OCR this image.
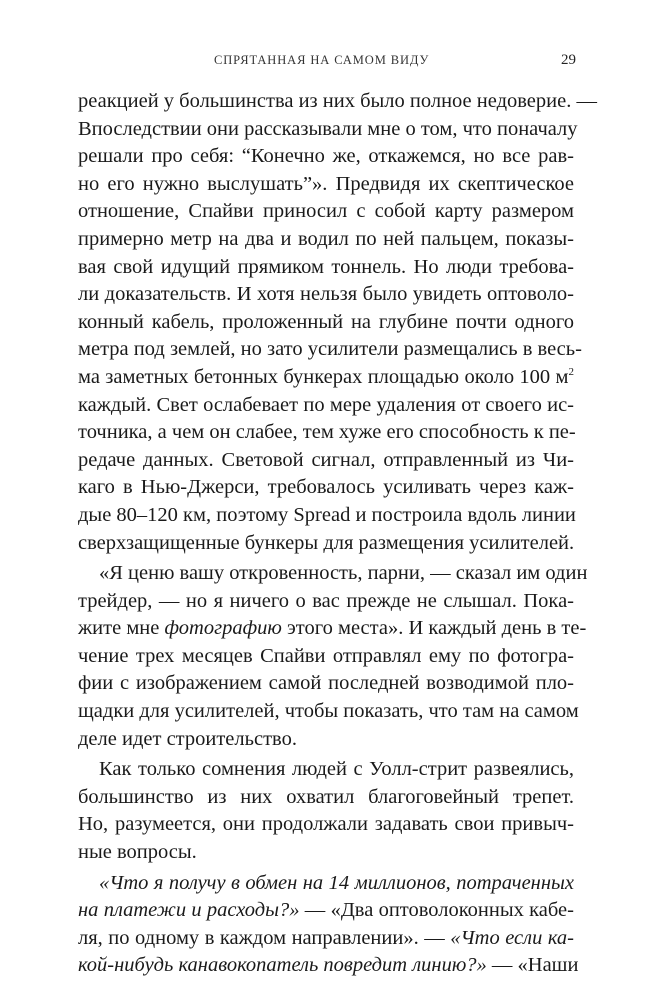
СПРЯТАННАЯ НА САМОМ ВИДУ	29
реакцией у большинства из них было полное недоверие. —
Впоследствии они рассказывали мне о том, что поначалу
решали про себя: “Конечно же, откажемся, но все рав-
но его нужно выслушать”». Предвидя их скептическое
отношение, Спайви приносил с собой карту размером
примерно метр на два и водил по ней пальцем, показы-
вая свой идущий прямиком тоннель. Но люди требова-
ли доказательств. И хотя нельзя было увидеть оптоволо-
конный кабель, проложенный на глубине почти одного
метра под землей, но зато усилители размещались в весь-
ма заметных бетонных бункерах площадью около 100 $м^2$
каждый. Свет ослабевает по мере удаления от своего ис-
точника, а чем он слабее, тем хуже его способность к пе-
редаче данных. Световой сигнал, отправленный из Чи-
каго в Нью-Джерси, требовалось усиливать через каж-
дые 80–120 км, поэтому Spread и построила вдоль линии
сверхзащищенные бункеры для размещения усилителей.
«Я ценю вашу откровенность, парни, — сказал им один
трейдер, — но я ничего о вас прежде не слышал. Пока-
жите мне фотографию этого места». И каждый день в те-
чение трех месяцев Спайви отправлял ему по фотогра-
фии с изображением самой последней возводимой пло-
щадки для усилителей, чтобы показать, что там на самом
деле идет строительство.
Как только сомнения людей с Уолл-стрит развеялись,
большинство из них охватил благоговейный трепет.
Но, разумеется, они продолжали задавать свои привыч-
ные вопросы.
«Что я получу в обмен на 14 миллионов, потраченных
на платежи и расходы?» — «Два оптоволоконных кабе-
ля, по одному в каждом направлении». — «Что если ка-
кой-нибудь канавокопатель повредит линию?» — «Наши
